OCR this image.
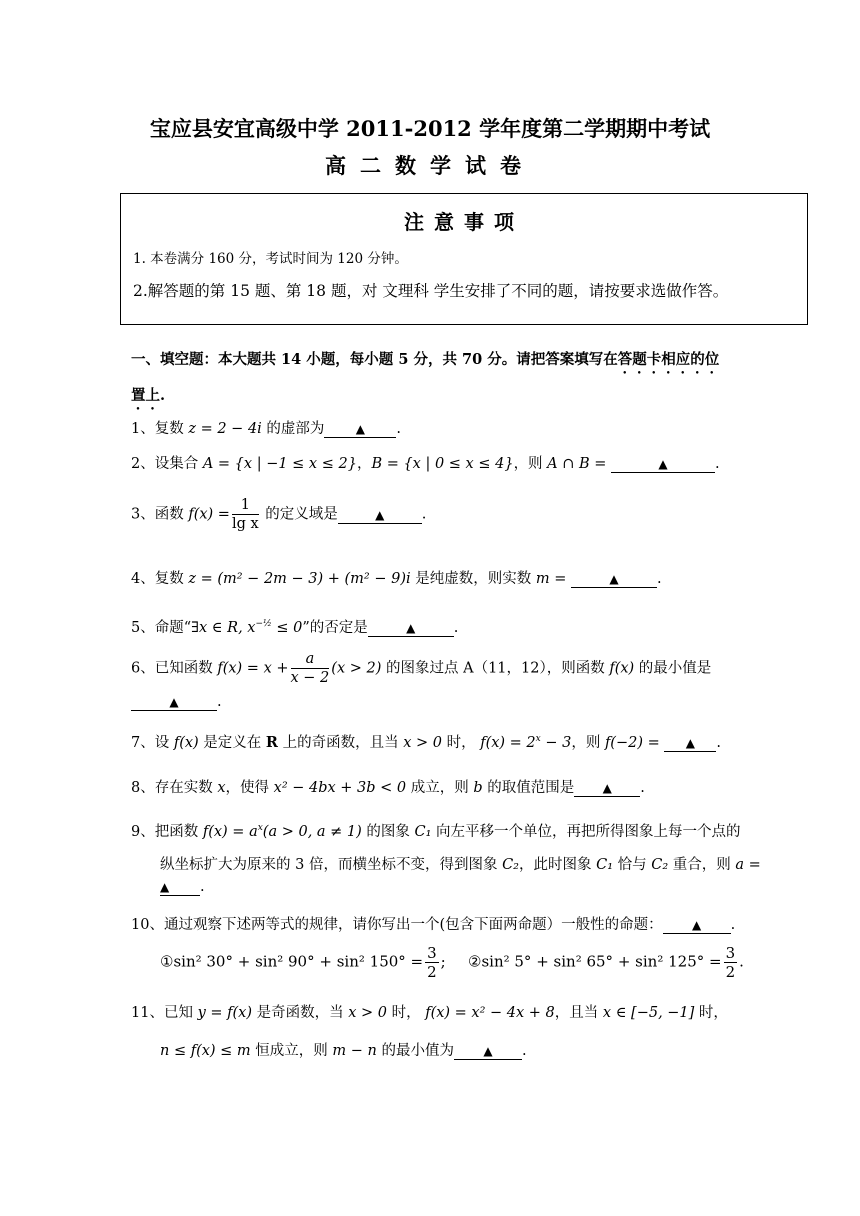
宝应县安宜高级中学 2011-2012 学年度第二学期期中考试
高二数学试卷
注意事项
1. 本卷满分 160 分，考试时间为 120 分钟。
2.解答题的第 15 题、第 18 题，对 文理科 学生安排了不同的题，请按要求选做作答。
一、填空题：本大题共 14 小题，每小题 5 分，共 70 分。请把答案填写在答题卡相应的位
置上.
1、复数 z = 2 − 4i 的虚部为	▲ .
2、设集合 A = {x | −1 ≤ x ≤ 2}，B = {x | 0 ≤ x ≤ 4}，则 A ∩ B =	▲	.
3、函数 $f(x) = \frac{1}{\text{lg x}}$ 的定义域是	▲	.
4、复数 z = (m² − 2m − 3) + (m² − 9)i 是纯虚数，则实数 m =	▲	.
5、命题“∃x ∈ R, $x^{-\frac{1}{2}} \le 0$”的否定是	▲	.
6、已知函数 $f(x) = x + \frac{a}{x - 2} (x > 2)$ 的图象过点 A（11，12），则函数 f(x) 的最小值是
▲	.
7、设 f(x) 是定义在 R 上的奇函数，且当 x > 0 时， $f(x) = 2^x - 3$，则 f(−2) = ▲ .
8、存在实数 x，使得 x² − 4bx + 3b < 0 成立，则 b 的取值范围是 ▲ .
9、把函数 $f(x) = a^x(a > 0$, a ≠ 1) 的图象 C₁ 向左平移一个单位，再把所得图象上每一个点的
纵坐标扩大为原来的 3 倍，而横坐标不变，得到图象 C₂，此时图象 C₁ 恰与 C₂ 重合，则 a =
▲ .
10、通过观察下述两等式的规律，请你写出一个(包含下面两命题）一般性的命题： ▲ .
①sin² 30° + sin² 90° + sin² $150^\circ = \frac{3}{2}$ ; ②sin² 5° + sin² 65° + sin² $125^\circ = \frac{3}{2}$ .
11、已知 y = f(x) 是奇函数，当 x > 0 时， f(x) = x² − 4x + 8，且当 x ∈ [−5, −1] 时，
n ≤ f(x) ≤ m 恒成立，则 m − n 的最小值为 ▲ .
